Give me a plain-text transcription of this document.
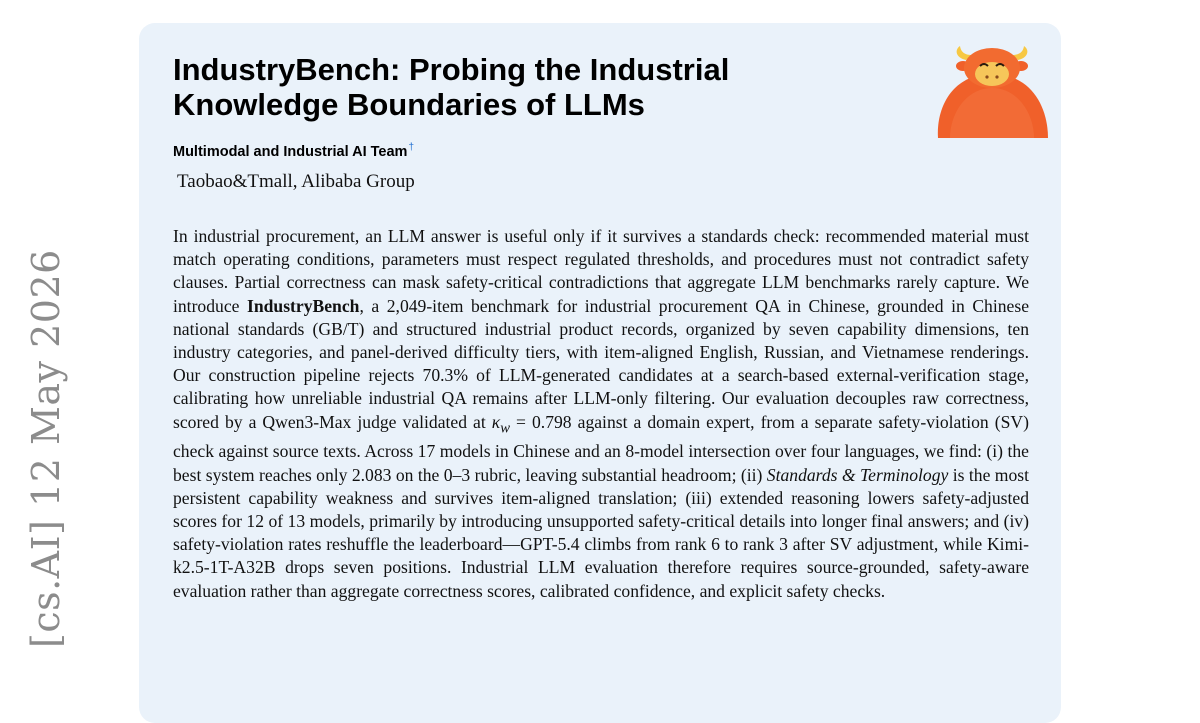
[cs.AI] 12 May 2026
IndustryBench: Probing the Industrial Knowledge Boundaries of LLMs
Multimodal and Industrial AI Team†
Taobao&Tmall, Alibaba Group
In industrial procurement, an LLM answer is useful only if it survives a standards check: recommended material must match operating conditions, parameters must respect regulated thresholds, and procedures must not contradict safety clauses. Partial correctness can mask safety-critical contradictions that aggregate LLM benchmarks rarely capture. We introduce IndustryBench, a 2,049-item benchmark for industrial procurement QA in Chinese, grounded in Chinese national standards (GB/T) and structured industrial product records, organized by seven capability dimensions, ten industry categories, and panel-derived difficulty tiers, with item-aligned English, Russian, and Vietnamese renderings. Our construction pipeline rejects 70.3% of LLM-generated candidates at a search-based external-verification stage, calibrating how unreliable industrial QA remains after LLM-only filtering. Our evaluation decouples raw correctness, scored by a Qwen3-Max judge validated at $\kappa_w = 0.798$ against a domain expert, from a separate safety-violation (SV) check against source texts. Across 17 models in Chinese and an 8-model intersection over four languages, we find: (i) the best system reaches only 2.083 on the 0–3 rubric, leaving substantial headroom; (ii) Standards & Terminology is the most persistent capability weakness and survives item-aligned translation; (iii) extended reasoning lowers safety-adjusted scores for 12 of 13 models, primarily by introducing unsupported safety-critical details into longer final answers; and (iv) safety-violation rates reshuffle the leaderboard—GPT-5.4 climbs from rank 6 to rank 3 after SV adjustment, while Kimi-k2.5-1T-A32B drops seven positions. Industrial LLM evaluation therefore requires source-grounded, safety-aware evaluation rather than aggregate correctness scores, calibrated confidence, and explicit safety checks.
